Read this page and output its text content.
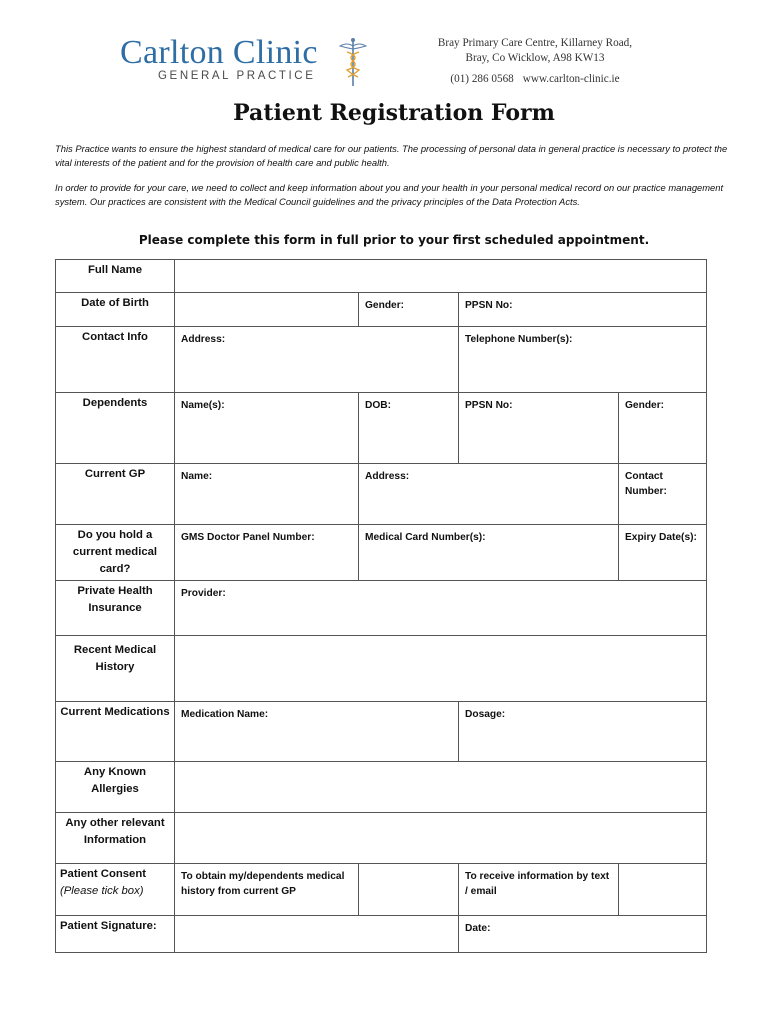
Carlton Clinic
GENERAL PRACTICE
Bray Primary Care Centre, Killarney Road,
Bray, Co Wicklow, A98 KW13
(01) 286 0568 www.carlton-clinic.ie
Patient Registration Form
This Practice wants to ensure the highest standard of medical care for our patients. The processing of personal data in general practice is necessary to protect the vital interests of the patient and for the provision of health care and public health.
In order to provide for your care, we need to collect and keep information about you and your health in your personal medical record on our practice management system. Our practices are consistent with the Medical Council guidelines and the privacy principles of the Data Protection Acts.
Please complete this form in full prior to your first scheduled appointment.
Full Name				
Date of Birth		Gender:	PPSN No:	
Contact Info	Address:		Telephone Number(s):	
Dependents	Name(s):	DOB:	PPSN No:	Gender:
Current GP	Name:	Address:		Contact Number:
Do you hold a current medical card?	GMS Doctor Panel Number:	Medical Card Number(s):		Expiry Date(s):
Private Health Insurance	Provider:			
Recent Medical History				
Current Medications	Medication Name:		Dosage:	
Any Known Allergies				
Any other relevant Information				

Patient Consent
(Please tick box)	To obtain my/dependents medical history from current GP		To receive information by text / email	
Patient Signature:			Date:	
